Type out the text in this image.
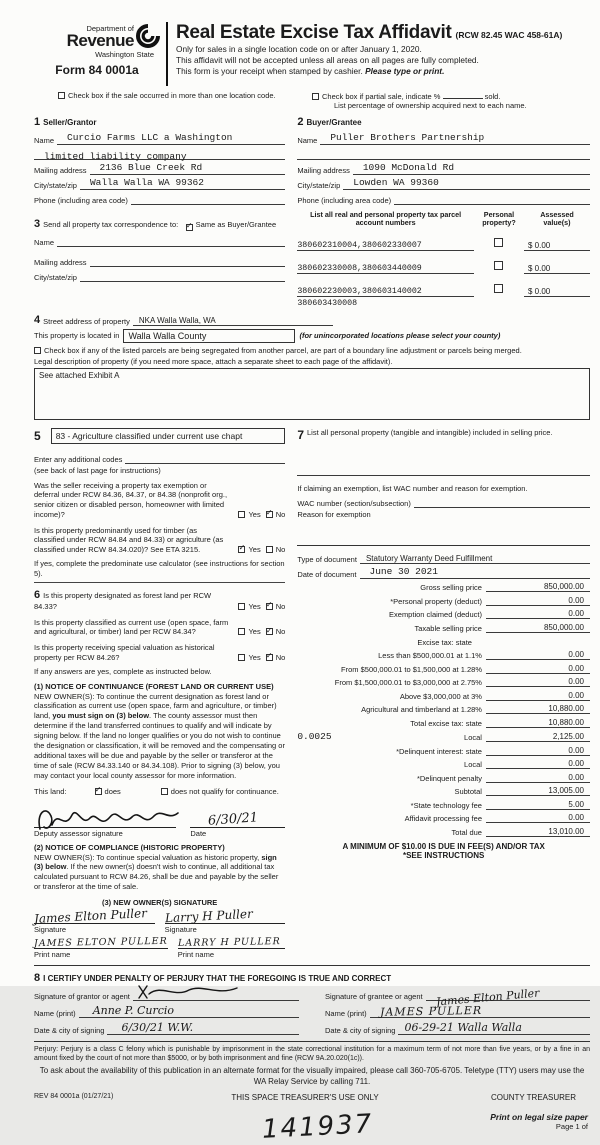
Department of
Revenue
Washington State
Form 84 0001a
Real Estate Excise Tax Affidavit (RCW 82.45 WAC 458-61A)
Only for sales in a single location code on or after January 1, 2020.
This affidavit will not be accepted unless all areas on all pages are fully completed.
This form is your receipt when stamped by cashier. Please type or print.
Check box if the sale occurred in more than one location code.	Check box if partial sale, indicate %	sold.
List percentage of ownership acquired next to each name.
1 Seller/Grantor
Name	Curcio Farms LLC a Washington
limited liability company
Mailing address	2136 Blue Creek Rd
City/state/zip	Walla Walla WA 99362
Phone (including area code)
3 Send all property tax correspondence to: ✓ Same as Buyer/Grantee
Name
Mailing address
City/state/zip
2 Buyer/Grantee
Name	Puller Brothers Partnership
Mailing address	1090 McDonald Rd
City/state/zip	Lowden WA 99360
Phone (including area code)
List all real and personal property tax parcel account numbers
Personal
property?
Assessed
value(s)
380602310004,380602330007	$ 0.00
380602330008,380603440009	$ 0.00
380602230003,380603140002	$ 0.00
380603430008
4 Street address of property	NKA Walla Walla, WA
This property is located in	Walla Walla County	(for unincorporated locations please select your county)
Check box if any of the listed parcels are being segregated from another parcel, are part of a boundary line adjustment or parcels being merged.
Legal description of property (if you need more space, attach a separate sheet to each page of the affidavit).
See attached Exhibit A
5	83 - Agriculture classified under current use chapt
Enter any additional codes
(see back of last page for instructions)
Was the seller receiving a property tax exemption or deferral under RCW 84.36, 84.37, or 84.38 (nonprofit org., senior citizen or disabled person, homeowner with limited income)?	Yes ✓ No
Is this property predominantly used for timber (as classified under RCW 84.84 and 84.33) or agriculture (as classified under RCW 84.34.020)? See ETA 3215.	✓ Yes No
If yes, complete the predominate use calculator (see instructions for section 5).
6 Is this property designated as forest land per RCW 84.33?	Yes ✓ No
Is this property classified as current use (open space, farm and agricultural, or timber) land per RCW 84.34?	Yes ✓ No
Is this property receiving special valuation as historical property per RCW 84.26?	Yes ✓ No
If any answers are yes, complete as instructed below.
(1) NOTICE OF CONTINUANCE (FOREST LAND OR CURRENT USE)
NEW OWNER(S): To continue the current designation as forest land or classification as current use (open space, farm and agriculture, or timber) land, you must sign on (3) below. The county assessor must then determine if the land transferred continues to qualify and will indicate by signing below. If the land no longer qualifies or you do not wish to continue the designation or classification, it will be removed and the compensating or additional taxes will be due and payable by the seller or transferor at the time of sale (RCW 84.33.140 or 84.34.108). Prior to signing (3) below, you may contact your local county assessor for more information.
This land:	✓ does	does not qualify for continuance.
6/30/21
Deputy assessor signature	Date
(2) NOTICE OF COMPLIANCE (HISTORIC PROPERTY)
NEW OWNER(S): To continue special valuation as historic property, sign (3) below. If the new owner(s) doesn't wish to continue, all additional tax calculated pursuant to RCW 84.26, shall be due and payable by the seller or transferor at the time of sale.
(3) NEW OWNER(S) SIGNATURE
James Elton Puller
Signature
Larry H Puller
Signature
JAMES ELTON PULLER
Print name
LARRY H PULLER
Print name
7 List all personal property (tangible and intangible) included in selling price.
If claiming an exemption, list WAC number and reason for exemption.
WAC number (section/subsection)
Reason for exemption
Type of document	Statutory Warranty Deed Fulfillment
Date of document	June 30 2021
Gross selling price	850,000.00
*Personal property (deduct)	0.00
Exemption claimed (deduct)	0.00
Taxable selling price	850,000.00
Excise tax: state
Less than $500,000.01 at 1.1%	0.00
From $500,000.01 to $1,500,000 at 1.28%	0.00
From $1,500,000.01 to $3,000,000 at 2.75%	0.00
Above $3,000,000 at 3%	0.00
Agricultural and timberland at 1.28%	10,880.00
Total excise tax: state	10,880.00
0.0025	Local	2,125.00
*Delinquent interest: state	0.00
Local	0.00
*Delinquent penalty	0.00
Subtotal	13,005.00
*State technology fee	5.00
Affidavit processing fee	0.00
Total due	13,010.00
A MINIMUM OF $10.00 IS DUE IN FEE(S) AND/OR TAX
*SEE INSTRUCTIONS
8 I CERTIFY UNDER PENALTY OF PERJURY THAT THE FOREGOING IS TRUE AND CORRECT
Signature of grantor or agent
Name (print)	Anne P. Curcio
Date & city of signing	6/30/21 W.W.
Signature of grantee or agent James Elton Puller
Name (print)	JAMES PULLER
Date & city of signing 06-29-21 Walla Walla
Perjury: Perjury is a class C felony which is punishable by imprisonment in the state correctional institution for a maximum term of not more than five years, or by a fine in an amount fixed by the court of not more than $5000, or by both imprisonment and fine (RCW 9A.20.020(1c)).
To ask about the availability of this publication in an alternate format for the visually impaired, please call 360-705-6705. Teletype (TTY) users may use the WA Relay Service by calling 711.
REV 84 0001a (01/27/21)	THIS SPACE TREASURER'S USE ONLY	COUNTY TREASURER
141937	Print on legal size paper
Page 1 of
